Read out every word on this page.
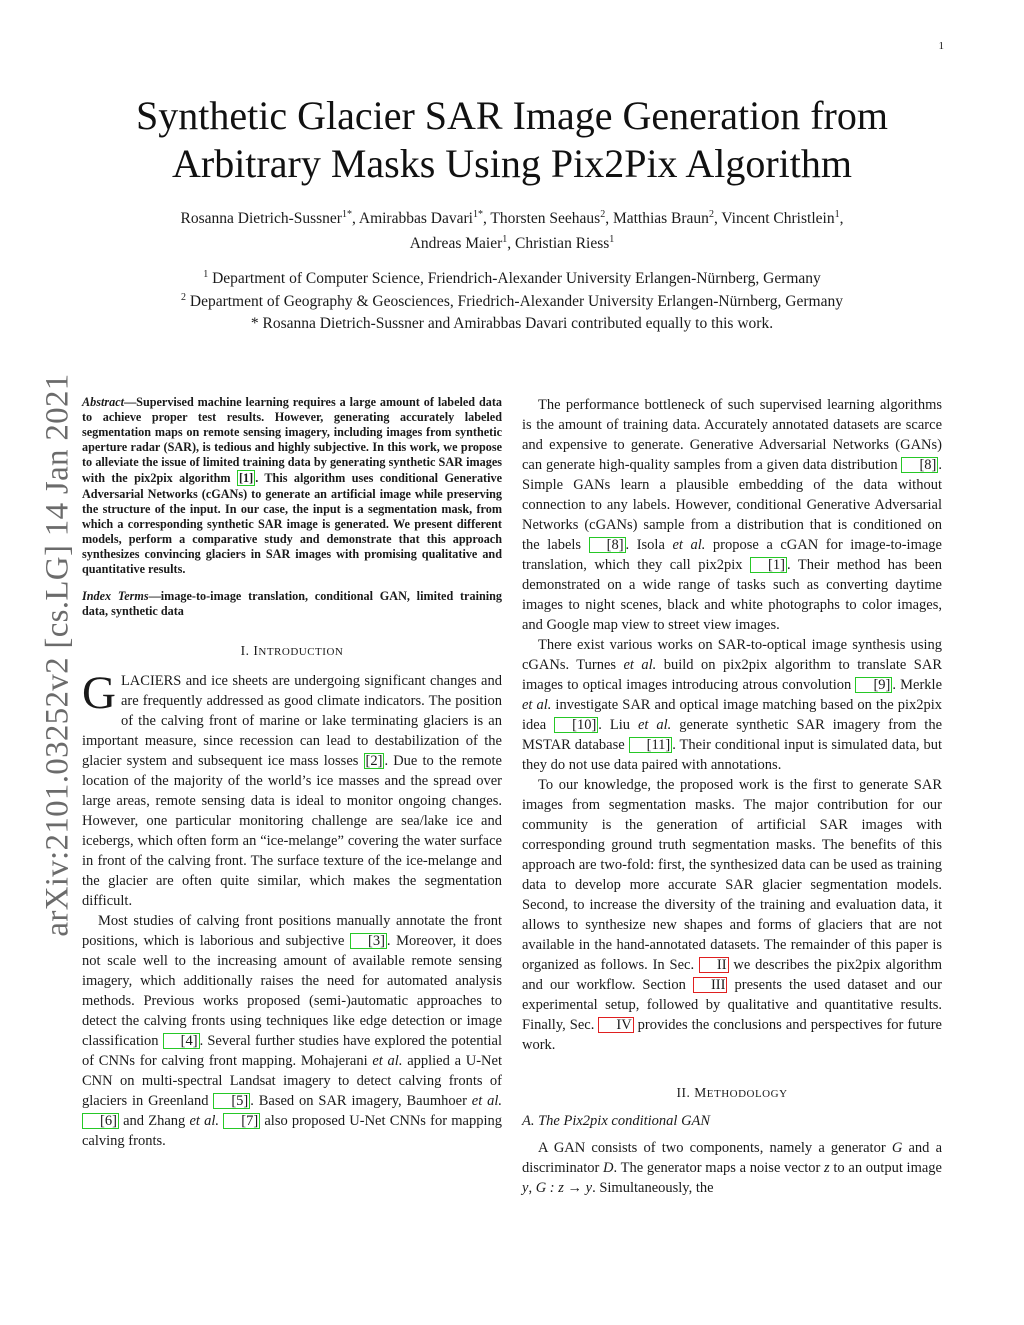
1
arXiv:2101.03252v2 [cs.LG] 14 Jan 2021
Synthetic Glacier SAR Image Generation from
Arbitrary Masks Using Pix2Pix Algorithm
Rosanna Dietrich-Sussner$^{1*}$, Amirabbas Davari$^{1*}$, Thorsten Seehaus$^2$, Matthias Braun$^2$, Vincent Christlein$^1$,
Andreas Maier$^1$, Christian Riess$^1$
$^1$ Department of Computer Science, Friendrich-Alexander University Erlangen-Nürnberg, Germany
$^2$ Department of Geography & Geosciences, Friedrich-Alexander University Erlangen-Nürnberg, Germany
* Rosanna Dietrich-Sussner and Amirabbas Davari contributed equally to this work.

Abstract—Supervised machine learning requires a large amount of labeled data to achieve proper test results. However, generating accurately labeled segmentation maps on remote sensing imagery, including images from synthetic aperture radar (SAR), is tedious and highly subjective. In this work, we propose to alleviate the issue of limited training data by generating synthetic SAR images with the pix2pix algorithm [1] . This algorithm uses conditional Generative Adversarial Networks (cGANs) to generate an artificial image while preserving the structure of the input. In our case, the input is a segmentation mask, from which a corresponding synthetic SAR image is generated. We present different models, perform a comparative study and demonstrate that this approach synthesizes convincing glaciers in SAR images with promising qualitative and quantitative results.

Index Terms—image-to-image translation, conditional GAN, limited training data, synthetic data

I. INTRODUCTION

GLACIERS and ice sheets are undergoing significant changes and are frequently addressed as good climate indicators. The position of the calving front of marine or lake terminating glaciers is an important measure, since recession can lead to destabilization of the glacier system and subsequent ice mass losses [2] . Due to the remote location of the majority of the world’s ice masses and the spread over large areas, remote sensing data is ideal to monitor ongoing changes. However, one particular monitoring challenge are sea/lake ice and icebergs, which often form an “ice-melange” covering the water surface in front of the calving front. The surface texture of the ice-melange and the glacier are often quite similar, which makes the segmentation difficult.

Most studies of calving front positions manually annotate the front positions, which is laborious and subjective [3] . Moreover, it does not scale well to the increasing amount of available remote sensing imagery, which additionally raises the need for automated analysis methods. Previous works proposed (semi-)automatic approaches to detect the calving fronts using techniques like edge detection or image classification [4] . Several further studies have explored the potential of CNNs for calving front mapping. Mohajerani et al. applied a U-Net CNN on multi-spectral Landsat imagery to detect calving fronts of glaciers in Greenland [5] . Based on SAR imagery, Baumhoer et al. [6] and Zhang et al. [7] also proposed U-Net CNNs for mapping calving fronts.

The performance bottleneck of such supervised learning algorithms is the amount of training data. Accurately annotated datasets are scarce and expensive to generate. Generative Adversarial Networks (GANs) can generate high-quality samples from a given data distribution [8] . Simple GANs learn a plausible embedding of the data without connection to any labels. However, conditional Generative Adversarial Networks (cGANs) sample from a distribution that is conditioned on the labels [8] . Isola et al. propose a cGAN for image-to-image translation, which they call pix2pix [1] . Their method has been demonstrated on a wide range of tasks such as converting daytime images to night scenes, black and white photographs to color images, and Google map view to street view images.

There exist various works on SAR-to-optical image synthesis using cGANs. Turnes et al. build on pix2pix algorithm to translate SAR images to optical images introducing atrous convolution [9] . Merkle et al. investigate SAR and optical image matching based on the pix2pix idea [10] . Liu et al. generate synthetic SAR imagery from the MSTAR database [11] . Their conditional input is simulated data, but they do not use data paired with annotations.

To our knowledge, the proposed work is the first to generate SAR images from segmentation masks. The major contribution for our community is the generation of artificial SAR images with corresponding ground truth segmentation masks. The benefits of this approach are two-fold: first, the synthesized data can be used as training data to develop more accurate SAR glacier segmentation models. Second, to increase the diversity of the training and evaluation data, it allows to synthesize new shapes and forms of glaciers that are not available in the hand-annotated datasets. The remainder of this paper is organized as follows. In Sec. II we describes the pix2pix algorithm and our workflow. Section III presents the used dataset and our experimental setup, followed by qualitative and quantitative results. Finally, Sec. IV provides the conclusions and perspectives for future work.

II. METHODOLOGY
A. The Pix2pix conditional GAN

A GAN consists of two components, namely a generator G and a discriminator D. The generator maps a noise vector z to an output image y, G : z → y. Simultaneously, the
